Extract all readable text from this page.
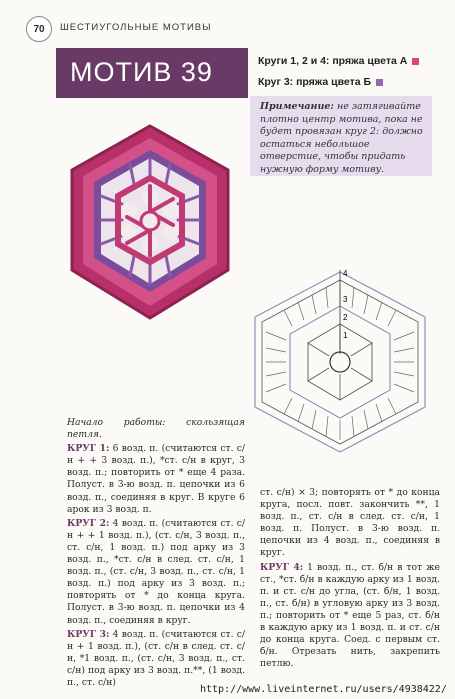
70	ШЕСТИУГОЛЬНЫЕ МОТИВЫ
МОТИВ 39	Круги 1, 2 и 4: пряжа цвета А
Круг 3: пряжа цвета Б
Примечание: не затягивайте плотно центр мотива, пока не будет провязан круг 2: должно остаться небольшое отверстие, чтобы придать нужную форму мотиву.
4
3
2
1

Начало работы: скользящая петля.

КРУГ 1: 6 возд. п. (считаются ст. с/н + + 3 возд. п.), *ст. с/н в круг, 3 возд. п.; повторить от * еще 4 раза. Полуст. в 3-ю возд. п. цепочки из 6 возд. п., соединяя в круг. В круге 6 арок из 3 возд. п.

КРУГ 2: 4 возд. п. (считаются ст. с/н + + 1 возд. п.), (ст. с/н, 3 возд. п., ст. с/н, 1 возд. п.) под арку из 3 возд. п., *ст. с/н в след. ст. с/н, 1 возд. п., (ст. с/н, 3 возд. п., ст. с/н, 1 возд. п.) под арку из 3 возд. п.; повторять от * до конца круга. Полуст. в 3-ю возд. п. цепочки из 4 возд. п., соединяя в круг.

КРУГ 3: 4 возд. п. (считаются ст. с/н + 1 возд. п.), (ст. с/н в след. ст. с/н, *1 возд. п., (ст. с/н, 3 возд. п., ст. с/н) под арку из 3 возд. п.**, (1 возд. п., ст. с/н)

ст. с/н) × 3; повторять от * до конца круга, посл. повт. закончить **, 1 возд. п., ст. с/н в след. ст. с/н, 1 возд. п. Полуст. в 3-ю возд. п. цепочки из 4 возд. п., соединяя в круг.

КРУГ 4: 1 возд. п., ст. б/н в тот же ст., *ст. б/н в каждую арку из 1 возд. п. и ст. с/н до угла, (ст. б/н, 1 возд. п., ст. б/н) в угловую арку из 3 возд. п.; повторить от * еще 5 раз, ст. б/н в каждую арку из 1 возд. п. и ст. с/н до конца круга. Соед. с первым ст. б/н. Отрезать нить, закрепить петлю.

http://www.liveinternet.ru/users/4938422/
